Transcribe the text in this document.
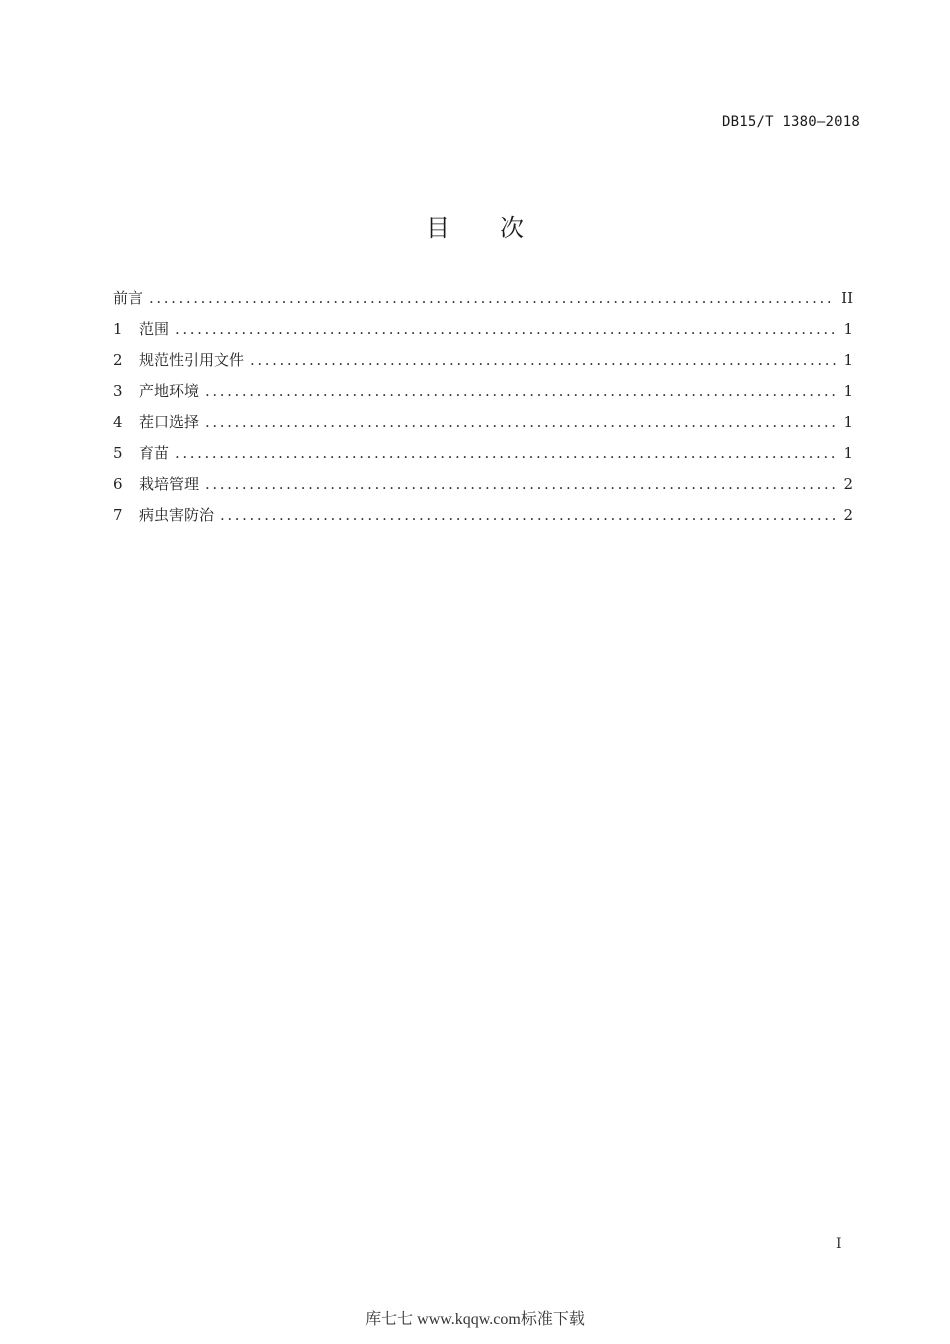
DB15/T 1380—2018
目 次
前言 .....	II
1	范围 .....	1
2	规范性引用文件 .....	1
3	产地环境 .....	1
4	茬口选择 .....	1
5	育苗 .....	1
6	栽培管理 .....	2
7	病虫害防治 .....	2
I
库七七 www.kqqw.com标准下载
